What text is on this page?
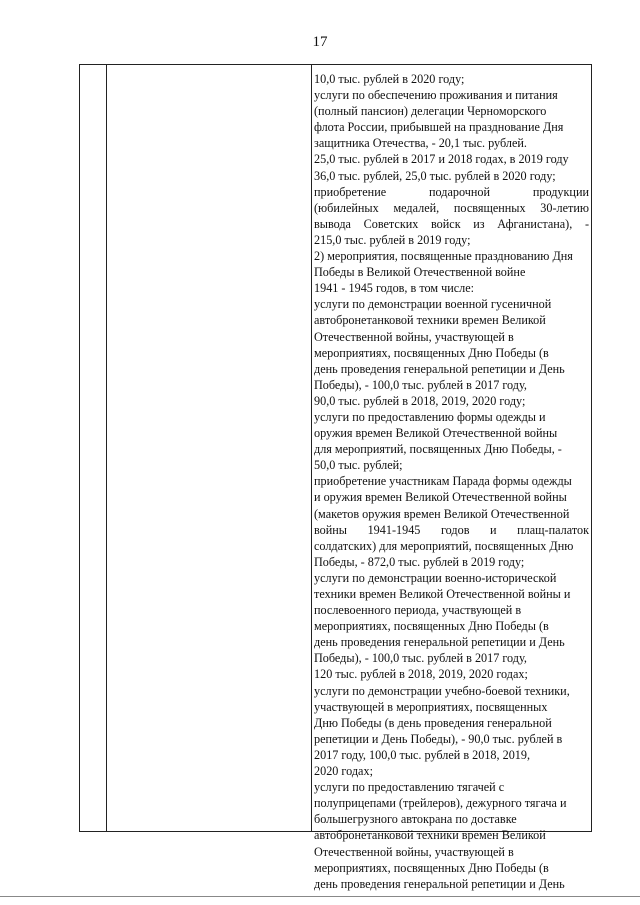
17
10,0 тыс. рублей в 2020 году;
услуги по обеспечению проживания и питания
(полный пансион) делегации Черноморского
флота России, прибывшей на празднование Дня
защитника Отечества, - 20,1 тыс. рублей.
25,0 тыс. рублей в 2017 и 2018 годах, в 2019 году
36,0 тыс. рублей, 25,0 тыс. рублей в 2020 году;
приобретение подарочной продукции
(юбилейных медалей, посвященных 30-летию
вывода Советских войск из Афганистана), -
215,0 тыс. рублей в 2019 году;
2) мероприятия, посвященные празднованию Дня
Победы в Великой Отечественной войне
1941 - 1945 годов, в том числе:
услуги по демонстрации военной гусеничной
автобронетанковой техники времен Великой
Отечественной войны, участвующей в
мероприятиях, посвященных Дню Победы (в
день проведения генеральной репетиции и День
Победы), - 100,0 тыс. рублей в 2017 году,
90,0 тыс. рублей в 2018, 2019, 2020 году;
услуги по предоставлению формы одежды и
оружия времен Великой Отечественной войны
для мероприятий, посвященных Дню Победы, -
50,0 тыс. рублей;
приобретение участникам Парада формы одежды
и оружия времен Великой Отечественной войны
(макетов оружия времен Великой Отечественной
войны 1941-1945 годов и плащ-палаток
солдатских) для мероприятий, посвященных Дню
Победы, - 872,0 тыс. рублей в 2019 году;
услуги по демонстрации военно-исторической
техники времен Великой Отечественной войны и
послевоенного периода, участвующей в
мероприятиях, посвященных Дню Победы (в
день проведения генеральной репетиции и День
Победы), - 100,0 тыс. рублей в 2017 году,
120 тыс. рублей в 2018, 2019, 2020 годах;
услуги по демонстрации учебно-боевой техники,
участвующей в мероприятиях, посвященных
Дню Победы (в день проведения генеральной
репетиции и День Победы), - 90,0 тыс. рублей в
2017 году, 100,0 тыс. рублей в 2018, 2019,
2020 годах;
услуги по предоставлению тягачей с
полуприцепами (трейлеров), дежурного тягача и
большегрузного автокрана по доставке
автобронетанковой техники времен Великой
Отечественной войны, участвующей в
мероприятиях, посвященных Дню Победы (в
день проведения генеральной репетиции и День
